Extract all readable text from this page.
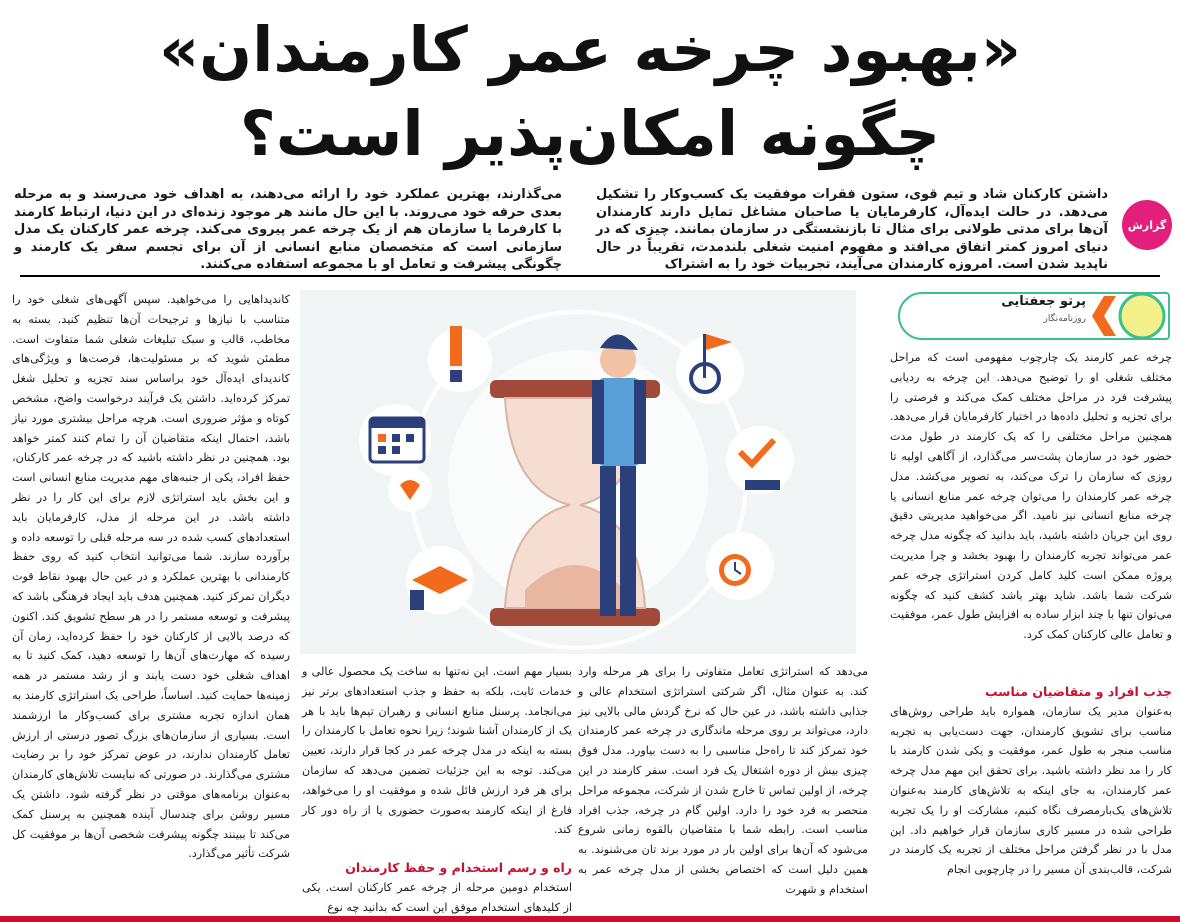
«بهبود چرخه عمر کارمندان»
چگونه امکان‌پذیر است؟
گزارش
داشتن کارکنان شاد و تیم قوی، ستون فقرات موفقیت یک کسب‌وکار را تشکیل می‌دهد. در حالت ایده‌آل، کارفرمایان یا صاحبان مشاغل تمایل دارند کارمندان آن‌ها برای مدتی طولانی برای مثال تا بازنشستگی در سازمان بمانند. چیزی که در دنیای امروز کمتر اتفاق می‌افتد و مفهوم امنیت شغلی بلندمدت، تقریباً در حال ناپدید شدن است. امروزه کارمندان می‌آیند، تجربیات خود را به اشتراک
می‌گذارند، بهترین عملکرد خود را ارائه می‌دهند، به اهداف خود می‌رسند و به مرحله بعدی حرفه خود می‌روند. با این حال مانند هر موجود زنده‌ای در این دنیا، ارتباط کارمند با کارفرما یا سازمان هم از یک چرخه عمر پیروی می‌کند. چرخه عمر کارکنان یک مدل سازمانی است که متخصصان منابع انسانی از آن برای تجسم سفر یک کارمند و چگونگی پیشرفت و تعامل او با مجموعه استفاده می‌کنند.
پرتو جعفتایی
روزنامه‌نگار

چرخه عمر کارمند یک چارچوب مفهومی است که مراحل مختلف شغلی او را توضیح می‌دهد. این چرخه به ردیابی پیشرفت فرد در مراحل مختلف کمک می‌کند و فرصتی را برای تجزیه و تحلیل داده‌ها در اختیار کارفرمایان قرار می‌دهد. همچنین مراحل مختلفی را که یک کارمند در طول مدت حضور خود در سازمان پشت‌سر می‌گذارد، از آگاهی اولیه تا روزی که سازمان را ترک می‌کند، به تصویر می‌کشد. مدل چرخه عمر کارمندان را می‌توان چرخه عمر منابع انسانی یا چرخه منابع انسانی نیز نامید. اگر می‌خواهید مدیریتی دقیق روی این جریان داشته باشید، باید بدانید که چگونه مدل چرخه عمر می‌تواند تجربه کارمندان را بهبود بخشد و چرا مدیریت پروژه ممکن است کلید کامل کردن استراتژی چرخه عمر شرکت شما باشد. شاید بهتر باشد کشف کنید که چگونه می‌توان تنها با چند ابزار ساده به افزایش طول عمر، موفقیت و تعامل عالی کارکنان کمک کرد.

جذب افراد و متقاضیان مناسب

به‌عنوان مدیر یک سازمان، همواره باید طراحی روش‌های مناسب برای تشویق کارمندان، جهت دست‌یابی به تجربه مناسب منجر به طول عمر، موفقیت و یکی شدن کارمند با کار را مد نظر داشته باشید. برای تحقق این مهم مدل چرخه عمر کارمندان، به جای اینکه به تلاش‌های کارمند به‌عنوان تلاش‌های یک‌بارمصرف نگاه کنیم، مشارکت او را یک تجربه طراحی شده در مسیر کاری سازمان قرار خواهیم داد. این مدل با در نظر گرفتن مراحل مختلف از تجربه یک کارمند در شرکت، قالب‌بندی آن مسیر را در چارچوبی انجام

می‌دهد که استراتژی تعامل متفاوتی را برای هر مرحله وارد کند. به عنوان مثال، اگر شرکتی استراتژی استخدام عالی و جذابی داشته باشد، در عین حال که نرخ گردش مالی بالایی نیز دارد، می‌تواند بر روی مرحله ماندگاری در چرخه عمر کارمندان خود تمرکز کند تا راه‌حل مناسبی را به دست بیاورد. مدل فوق چیزی بیش از دوره اشتغال یک فرد است. سفر کارمند در این چرخه، از اولین تماس تا خارج شدن از شرکت، مجموعه مراحل منحصر به فرد خود را دارد. اولین گام در چرخه، جذب افراد مناسب است. رابطه شما با متقاضیان بالقوه زمانی شروع می‌شود که آن‌ها برای اولین بار در مورد برند تان می‌شنوند. به همین دلیل است که اختصاص بخشی از مدل چرخه عمر به استخدام و شهرت

بسیار مهم است. این نه‌تنها به ساخت یک محصول عالی و خدمات ثابت، بلکه به حفظ و جذب استعدادهای برتر نیز می‌انجامد. پرسنل منابع انسانی و رهبران تیم‌ها باید با هر یک از کارمندان آشنا شوند؛ زیرا نحوه تعامل با کارمندان را بسته به اینکه در مدل چرخه عمر در کجا قرار دارند، تعیین می‌کند. توجه به این جزئیات تضمین می‌دهد که سازمان برای هر فرد ارزش قائل شده و موفقیت او را می‌خواهد، فارغ از اینکه کارمند به‌صورت حضوری یا از راه دور کار کند.

راه و رسم استخدام و حفظ کارمندان

استخدام دومین مرحله از چرخه عمر کارکنان است. یکی از کلیدهای استخدام موفق این است که بدانید چه نوع

کاندیداهایی را می‌خواهید. سپس آگهی‌های شغلی خود را متناسب با نیازها و ترجیحات آن‌ها تنظیم کنید. بسته به مخاطب، قالب و سبک تبلیغات شغلی شما متفاوت است. مطمئن شوید که بر مسئولیت‌ها، فرصت‌ها و ویژگی‌های کاندیدای ایده‌آل خود براساس سند تجزیه و تحلیل شغل تمرکز کرده‌اید. داشتن یک فرآیند درخواست واضح، مشخص کوتاه و مؤثر ضروری است. هرچه مراحل بیشتری مورد نیاز باشد، احتمال اینکه متقاضیان آن را تمام کنند کمتر خواهد بود. همچنین در نظر داشته باشید که در چرخه عمر کارکنان، حفظ افراد، یکی از جنبه‌های مهم مدیریت منابع انسانی است و این بخش باید استراتژی لازم برای این کار را در نظر داشته باشد. در این مرحله از مدل، کارفرمایان باید استعدادهای کسب شده در سه مرحله قبلی را توسعه داده و برآورده سازند. شما می‌توانید انتخاب کنید که روی حفظ کارمندانی با بهترین عملکرد و در عین حال بهبود نقاط قوت دیگران تمرکز کنید. همچنین هدف باید ایجاد فرهنگی باشد که پیشرفت و توسعه مستمر را در هر سطح تشویق کند. اکنون که درصد بالایی از کارکنان خود را حفظ کرده‌اید، زمان آن رسیده که مهارت‌های آن‌ها را توسعه دهید، کمک کنید تا به اهداف شغلی خود دست یابند و از رشد مستمر در همه زمینه‌ها حمایت کنید. اساساً، طراحی یک استراتژی کارمند به همان اندازه تجربه مشتری برای کسب‌وکار ما ارزشمند است. بسیاری از سازمان‌های بزرگ تصور درستی از ارزش تعامل کارمندان ندارند، در عوض تمرکز خود را بر رضایت مشتری می‌گذارند. در صورتی که نبایست تلاش‌های کارمندان به‌عنوان برنامه‌های موقتی در نظر گرفته شود. داشتن یک مسیر روشن برای چندسال آینده همچنین به پرسنل کمک می‌کند تا ببینند چگونه پیشرفت شخصی آن‌ها بر موفقیت کل شرکت تأثیر می‌گذارد.
